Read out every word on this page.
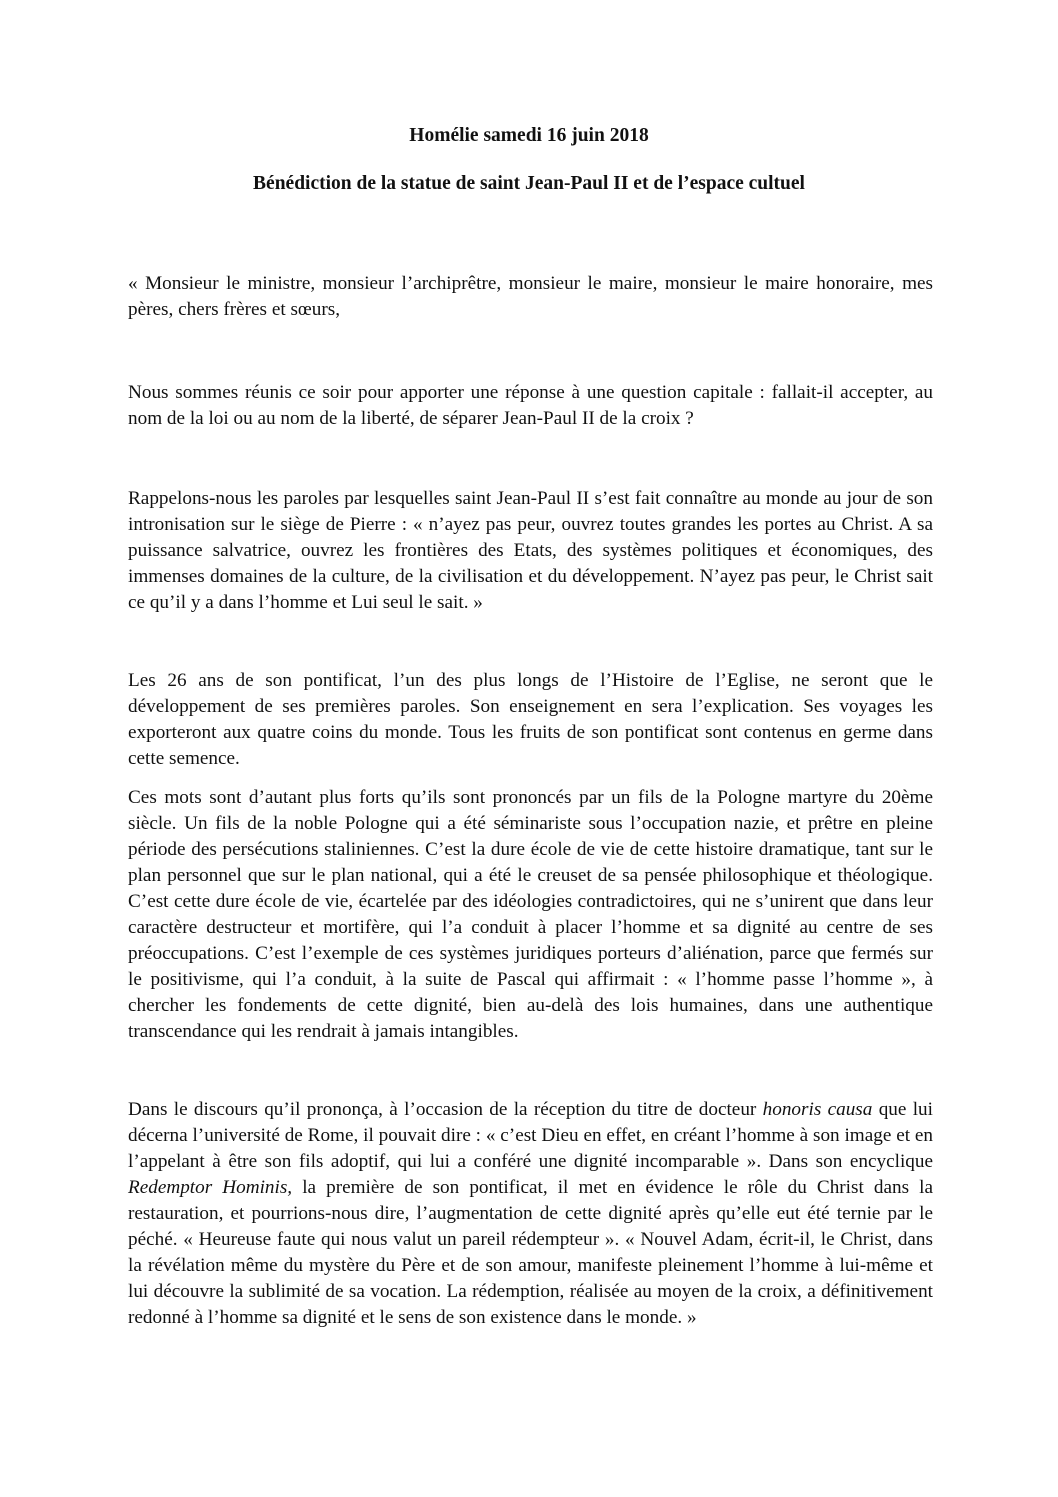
Homélie samedi 16 juin 2018
Bénédiction de la statue de saint Jean-Paul II et de l’espace cultuel

« Monsieur le ministre, monsieur l’archiprêtre, monsieur le maire, monsieur le maire honoraire, mes pères, chers frères et sœurs,

Nous sommes réunis ce soir pour apporter une réponse à une question capitale : fallait-il accepter, au nom de la loi ou au nom de la liberté, de séparer Jean-Paul II de la croix ?

Rappelons-nous les paroles par lesquelles saint Jean-Paul II s’est fait connaître au monde au jour de son intronisation sur le siège de Pierre : « n’ayez pas peur, ouvrez toutes grandes les portes au Christ. A sa puissance salvatrice, ouvrez les frontières des Etats, des systèmes politiques et économiques, des immenses domaines de la culture, de la civilisation et du développement. N’ayez pas peur, le Christ sait ce qu’il y a dans l’homme et Lui seul le sait. »

Les 26 ans de son pontificat, l’un des plus longs de l’Histoire de l’Eglise, ne seront que le développement de ses premières paroles. Son enseignement en sera l’explication. Ses voyages les exporteront aux quatre coins du monde. Tous les fruits de son pontificat sont contenus en germe dans cette semence.

Ces mots sont d’autant plus forts qu’ils sont prononcés par un fils de la Pologne martyre du 20ème siècle. Un fils de la noble Pologne qui a été séminariste sous l’occupation nazie, et prêtre en pleine période des persécutions staliniennes. C’est la dure école de vie de cette histoire dramatique, tant sur le plan personnel que sur le plan national, qui a été le creuset de sa pensée philosophique et théologique. C’est cette dure école de vie, écartelée par des idéologies contradictoires, qui ne s’unirent que dans leur caractère destructeur et mortifère, qui l’a conduit à placer l’homme et sa dignité au centre de ses préoccupations. C’est l’exemple de ces systèmes juridiques porteurs d’aliénation, parce que fermés sur le positivisme, qui l’a conduit, à la suite de Pascal qui affirmait : « l’homme passe l’homme », à chercher les fondements de cette dignité, bien au-delà des lois humaines, dans une authentique transcendance qui les rendrait à jamais intangibles.

Dans le discours qu’il prononça, à l’occasion de la réception du titre de docteur honoris causa que lui décerna l’université de Rome, il pouvait dire : « c’est Dieu en effet, en créant l’homme à son image et en l’appelant à être son fils adoptif, qui lui a conféré une dignité incomparable ». Dans son encyclique Redemptor Hominis, la première de son pontificat, il met en évidence le rôle du Christ dans la restauration, et pourrions-nous dire, l’augmentation de cette dignité après qu’elle eut été ternie par le péché. « Heureuse faute qui nous valut un pareil rédempteur ». « Nouvel Adam, écrit-il, le Christ, dans la révélation même du mystère du Père et de son amour, manifeste pleinement l’homme à lui-même et lui découvre la sublimité de sa vocation. La rédemption, réalisée au moyen de la croix, a définitivement redonné à l’homme sa dignité et le sens de son existence dans le monde. »
